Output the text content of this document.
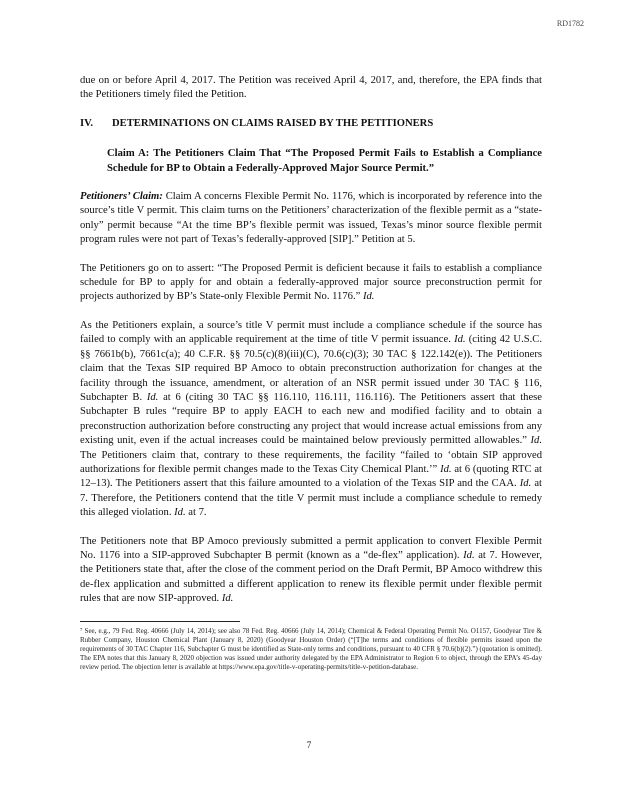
RD1782

due on or before April 4, 2017. The Petition was received April 4, 2017, and, therefore, the EPA finds that the Petitioners timely filed the Petition.

IV. DETERMINATIONS ON CLAIMS RAISED BY THE PETITIONERS
Claim A: The Petitioners Claim That “The Proposed Permit Fails to Establish a Compliance Schedule for BP to Obtain a Federally-Approved Major Source Permit.”

Petitioners’ Claim: Claim A concerns Flexible Permit No. 1176, which is incorporated by reference into the source’s title V permit. This claim turns on the Petitioners’ characterization of the flexible permit as a “state-only” permit because “At the time BP’s flexible permit was issued, Texas’s minor source flexible permit program rules were not part of Texas’s federally-approved [SIP].” Petition at 5.

The Petitioners go on to assert: “The Proposed Permit is deficient because it fails to establish a compliance schedule for BP to apply for and obtain a federally-approved major source preconstruction permit for projects authorized by BP’s State-only Flexible Permit No. 1176.” Id.

As the Petitioners explain, a source’s title V permit must include a compliance schedule if the source has failed to comply with an applicable requirement at the time of title V permit issuance. Id. (citing 42 U.S.C. §§ 7661b(b), 7661c(a); 40 C.F.R. §§ 70.5(c)(8)(iii)(C), 70.6(c)(3); 30 TAC § 122.142(e)). The Petitioners claim that the Texas SIP required BP Amoco to obtain preconstruction authorization for changes at the facility through the issuance, amendment, or alteration of an NSR permit issued under 30 TAC § 116, Subchapter B. Id. at 6 (citing 30 TAC §§ 116.110, 116.111, 116.116). The Petitioners assert that these Subchapter B rules “require BP to apply EACH to each new and modified facility and to obtain a preconstruction authorization before constructing any project that would increase actual emissions from any existing unit, even if the actual increases could be maintained below previously permitted allowables.” Id. The Petitioners claim that, contrary to these requirements, the facility “failed to ‘obtain SIP approved authorizations for flexible permit changes made to the Texas City Chemical Plant.’” Id. at 6 (quoting RTC at 12–13). The Petitioners assert that this failure amounted to a violation of the Texas SIP and the CAA. Id. at 7. Therefore, the Petitioners contend that the title V permit must include a compliance schedule to remedy this alleged violation. Id. at 7.

The Petitioners note that BP Amoco previously submitted a permit application to convert Flexible Permit No. 1176 into a SIP-approved Subchapter B permit (known as a “de-flex” application). Id. at 7. However, the Petitioners state that, after the close of the comment period on the Draft Permit, BP Amoco withdrew this de-flex application and submitted a different application to renew its flexible permit under flexible permit rules that are now SIP-approved. Id.

⁷ See, e.g., 79 Fed. Reg. 40666 (July 14, 2014); see also 78 Fed. Reg. 40666 (July 14, 2014); Chemical & Federal Operating Permit No. O1157, Goodyear Tire & Rubber Company, Houston Chemical Plant (January 8, 2020) (Goodyear Houston Order) (“[T]he terms and conditions of flexible permits issued upon the requirements of 30 TAC Chapter 116, Subchapter G must be identified as State-only terms and conditions, pursuant to 40 CFR § 70.6(b)(2).”) (quotation is omitted). The EPA notes that this January 8, 2020 objection was issued under authority delegated by the EPA Administrator to Region 6 to object, through the EPA’s 45-day review period. The objection letter is available at https://www.epa.gov/title-v-operating-permits/title-v-petition-database.

7
